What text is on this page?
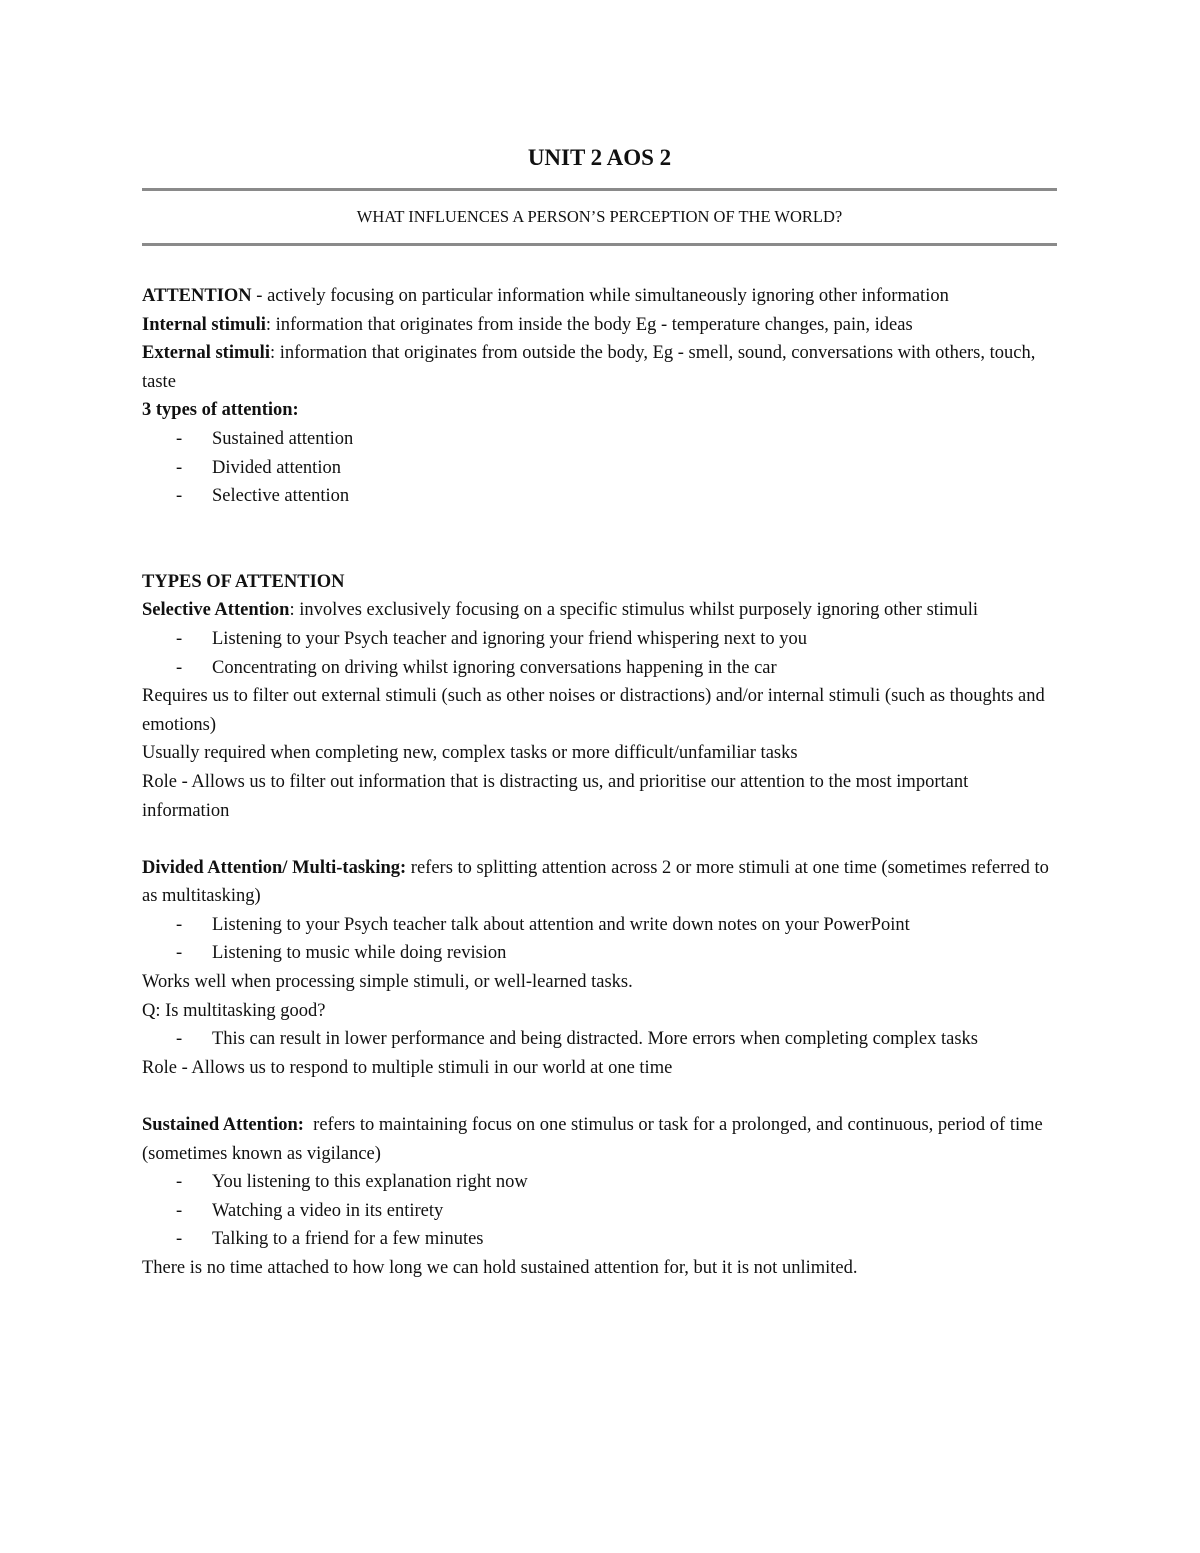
UNIT 2 AOS 2
WHAT INFLUENCES A PERSON’S PERCEPTION OF THE WORLD?

ATTENTION - actively focusing on particular information while simultaneously ignoring other information

Internal stimuli: information that originates from inside the body Eg - temperature changes, pain, ideas

External stimuli: information that originates from outside the body, Eg - smell, sound, conversations with others, touch, taste

3 types of attention:

- Sustained attention
- Divided attention
- Selective attention

TYPES OF ATTENTION

Selective Attention: involves exclusively focusing on a specific stimulus whilst purposely ignoring other stimuli

- Listening to your Psych teacher and ignoring your friend whispering next to you
- Concentrating on driving whilst ignoring conversations happening in the car

Requires us to filter out external stimuli (such as other noises or distractions) and/or internal stimuli (such as thoughts and emotions)

Usually required when completing new, complex tasks or more difficult/unfamiliar tasks

Role - Allows us to filter out information that is distracting us, and prioritise our attention to the most important information

Divided Attention/ Multi-tasking: refers to splitting attention across 2 or more stimuli at one time (sometimes referred to as multitasking)

- Listening to your Psych teacher talk about attention and write down notes on your PowerPoint
- Listening to music while doing revision

Works well when processing simple stimuli, or well-learned tasks.

Q: Is multitasking good?

- This can result in lower performance and being distracted. More errors when completing complex tasks

Role - Allows us to respond to multiple stimuli in our world at one time

Sustained Attention:  refers to maintaining focus on one stimulus or task for a prolonged, and continuous, period of time (sometimes known as vigilance)

- You listening to this explanation right now
- Watching a video in its entirety
- Talking to a friend for a few minutes

There is no time attached to how long we can hold sustained attention for, but it is not unlimited.
